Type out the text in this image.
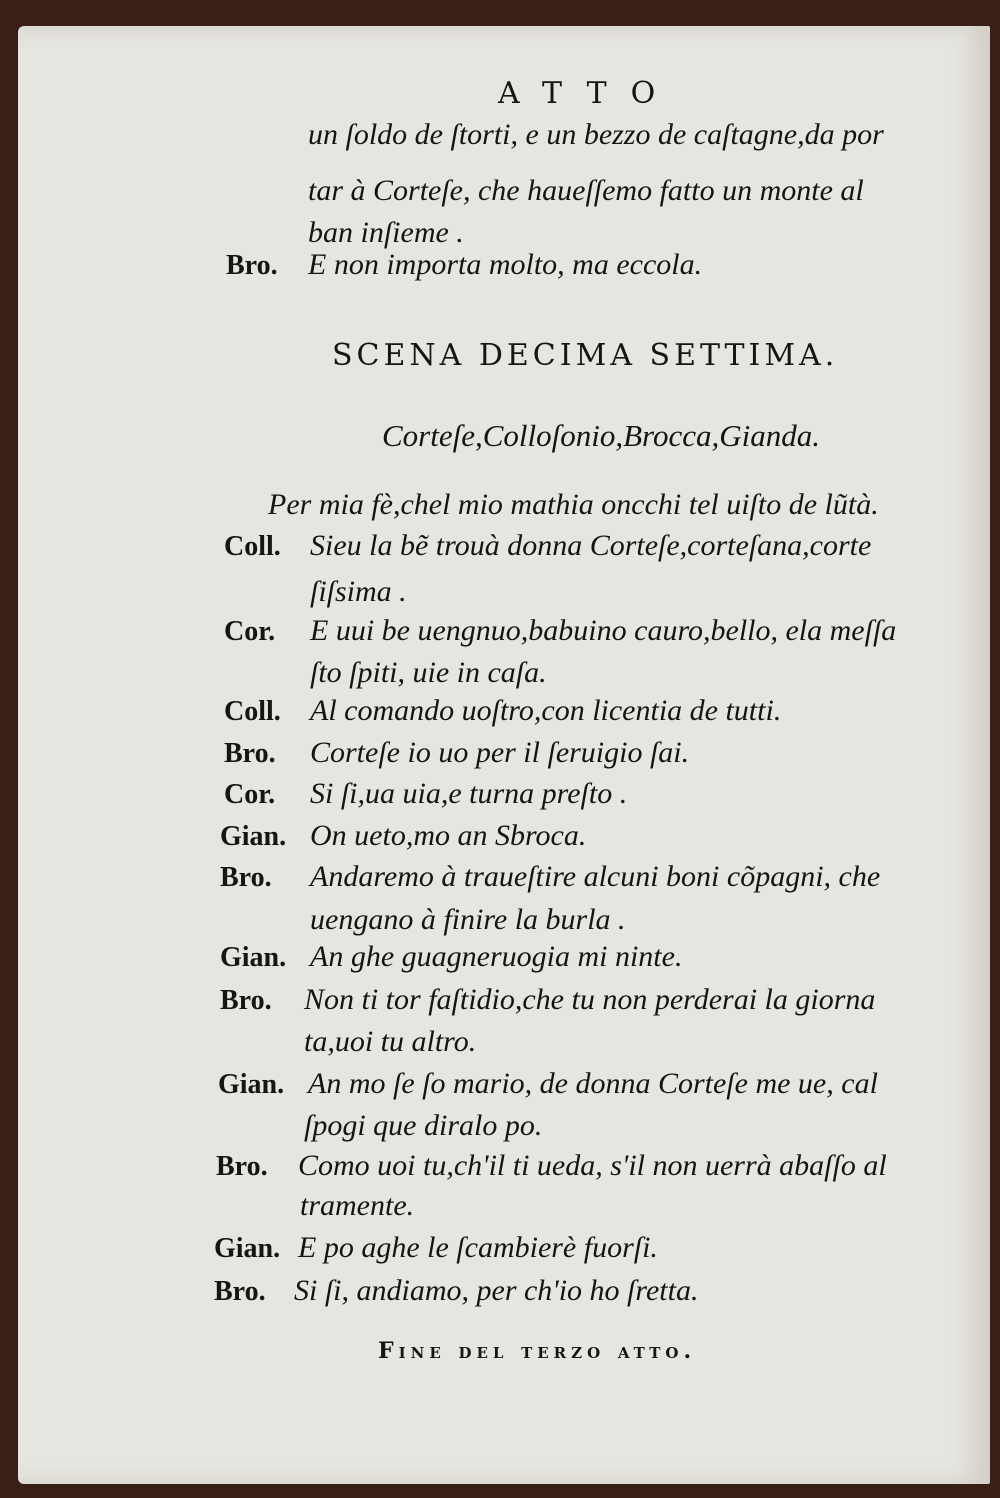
ATTO
un ſoldo de ſtorti, e un bezzo de caſtagne,da por
tar à Corteſe, che haueſſemo fatto un monte al
ban inſieme .
Bro. E non importa molto, ma eccola.
SCENA DECIMA SETTIMA.
Corteſe,Colloſonio,Brocca,Gianda.
Per mia fè,chel mio mathia oncchi tel uiſto de lũtà.
Coll. Sieu la bẽ trouà donna Corteſe,corteſana,corte
ſiſsima .
Cor. E uui be uengnuo,babuino cauro,bello, ela meſſa
ſto ſpiti, uie in caſa.
Coll. Al comando uoſtro,con licentia de tutti.
Bro. Corteſe io uo per il ſeruigio ſai.
Cor. Si ſi,ua uia,e turna preſto .
Gian. On ueto,mo an Sbroca.
Bro. Andaremo à traueſtire alcuni boni cõpagni, che
uengano à finire la burla .
Gian. An ghe guagneruogia mi ninte.
Bro. Non ti tor faſtidio,che tu non perderai la giorna
ta,uoi tu altro.
Gian. An mo ſe ſo mario, de donna Corteſe me ue, cal
ſpogi que diralo po.
Bro. Como uoi tu,ch'il ti ueda, s'il non uerrà abaſſo al
tramente.
Gian. E po aghe le ſcambierè fuorſi.
Bro. Si ſi, andiamo, per ch'io ho ſretta.
Fine del terzo atto.
